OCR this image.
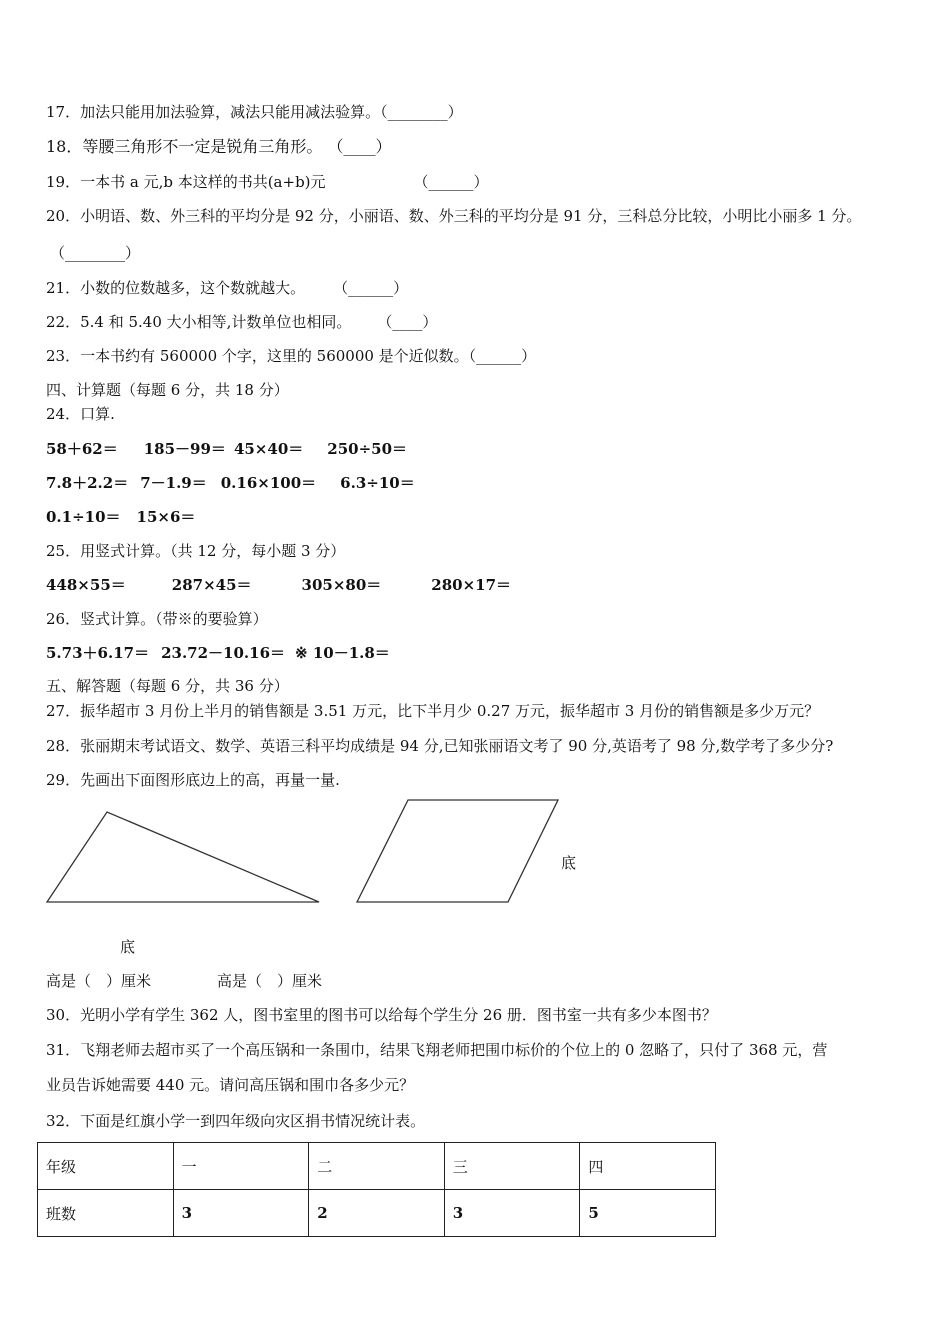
17．加法只能用加法验算，减法只能用减法验算。（________）
18．等腰三角形不一定是锐角三角形。 （____）
19．一本书 a 元,b 本这样的书共(a+b)元	（______）
20．小明语、数、外三科的平均分是 92 分，小丽语、数、外三科的平均分是 91 分，三科总分比较，小明比小丽多 1 分。
（________）
21．小数的位数越多，这个数就越大。 （______）
22．5.4 和 5.40 大小相等,计数单位也相同。 （____）
23．一本书约有 560000 个字，这里的 560000 是个近似数。（______）
四、计算题（每题 6 分，共 18 分）
24．口算.
58＋62＝ 185－99＝ 45×40＝ 250÷50＝
7.8＋2.2＝ 7－1.9＝ 0.16×100＝ 6.3÷10＝
0.1÷10＝ 15×6＝
25．用竖式计算。（共 12 分，每小题 3 分）
448×55＝	287×45＝	305×80＝	280×17＝
26．竖式计算。（带※的要验算）
5.73＋6.17＝ 23.72－10.16＝ ※ 10－1.8＝
五、解答题（每题 6 分，共 36 分）
27．振华超市 3 月份上半月的销售额是 3.51 万元，比下半月少 0.27 万元，振华超市 3 月份的销售额是多少万元？
28．张丽期末考试语文、数学、英语三科平均成绩是 94 分,已知张丽语文考了 90 分,英语考了 98 分,数学考了多少分?
29．先画出下面图形底边上的高，再量一量.
底
底
高是（　）厘米	高是（　）厘米
30．光明小学有学生 362 人，图书室里的图书可以给每个学生分 26 册．图书室一共有多少本图书？
31．飞翔老师去超市买了一个高压锅和一条围巾，结果飞翔老师把围巾标价的个位上的 0 忽略了，只付了 368 元，营
业员告诉她需要 440 元。请问高压锅和围巾各多少元？
32．下面是红旗小学一到四年级向灾区捐书情况统计表。
年级	一	二	三	四
班数	3	2	3	5
